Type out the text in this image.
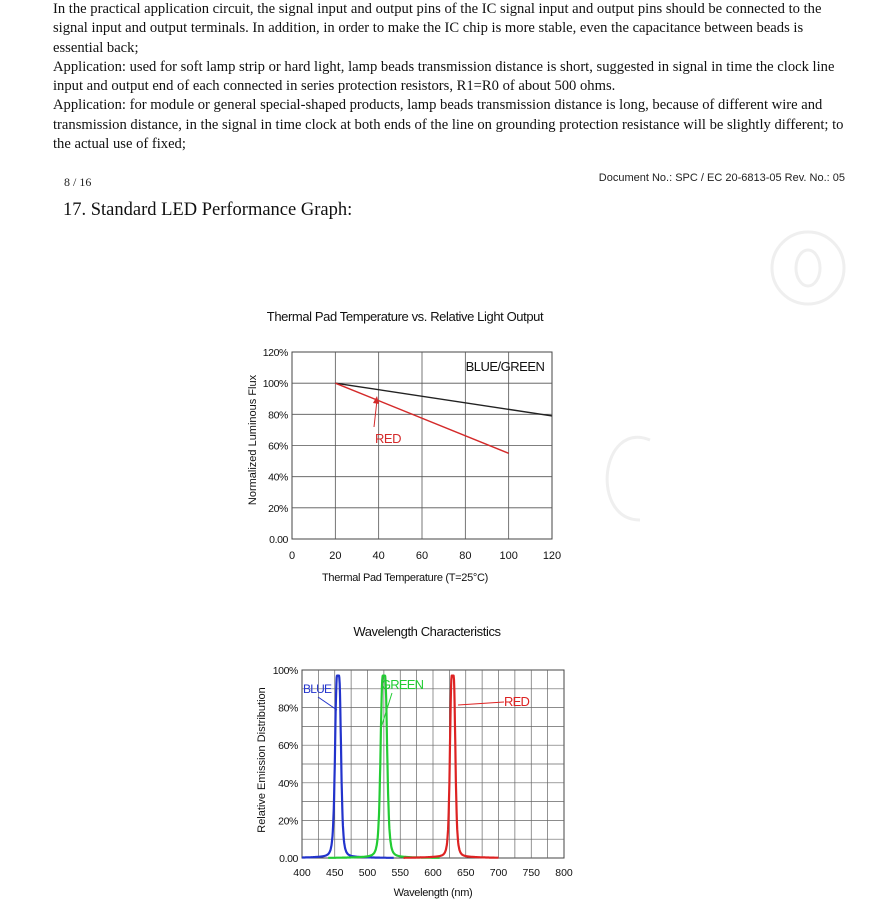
In the practical application circuit, the signal input and output pins of the IC signal input and output pins should be connected to the signal input and output terminals. In addition, in order to make the IC chip is more stable, even the capacitance between beads is essential back;

Application: used for soft lamp strip or hard light, lamp beads transmission distance is short, suggested in signal in time the clock line input and output end of each connected in series protection resistors, R1=R0 of about 500 ohms.

Application: for module or general special-shaped products, lamp beads transmission distance is long, because of different wire and transmission distance, in the signal in time clock at both ends of the line on grounding protection resistance will be slightly different; to the actual use of fixed;

8 / 16	Document No.: SPC / EC 20-6813-05 Rev. No.: 05
17. Standard LED Performance Graph:
Thermal Pad Temperature vs. Relative Light Output
0.00
20%
40%
60%
80%
100%
120%
0	20	40	60	80	100 120
Thermal Pad Temperature (T=25°C)
Normalized Luminous Flux
BLUE/GREEN
RED
Wavelength Characteristics
0.00
20%
40%
60%
80%
100%
400 450 500 550 600 650 700 750 800
Wavelength (nm)
Relative Emission Distribution	BLUE	GREEN
RED
